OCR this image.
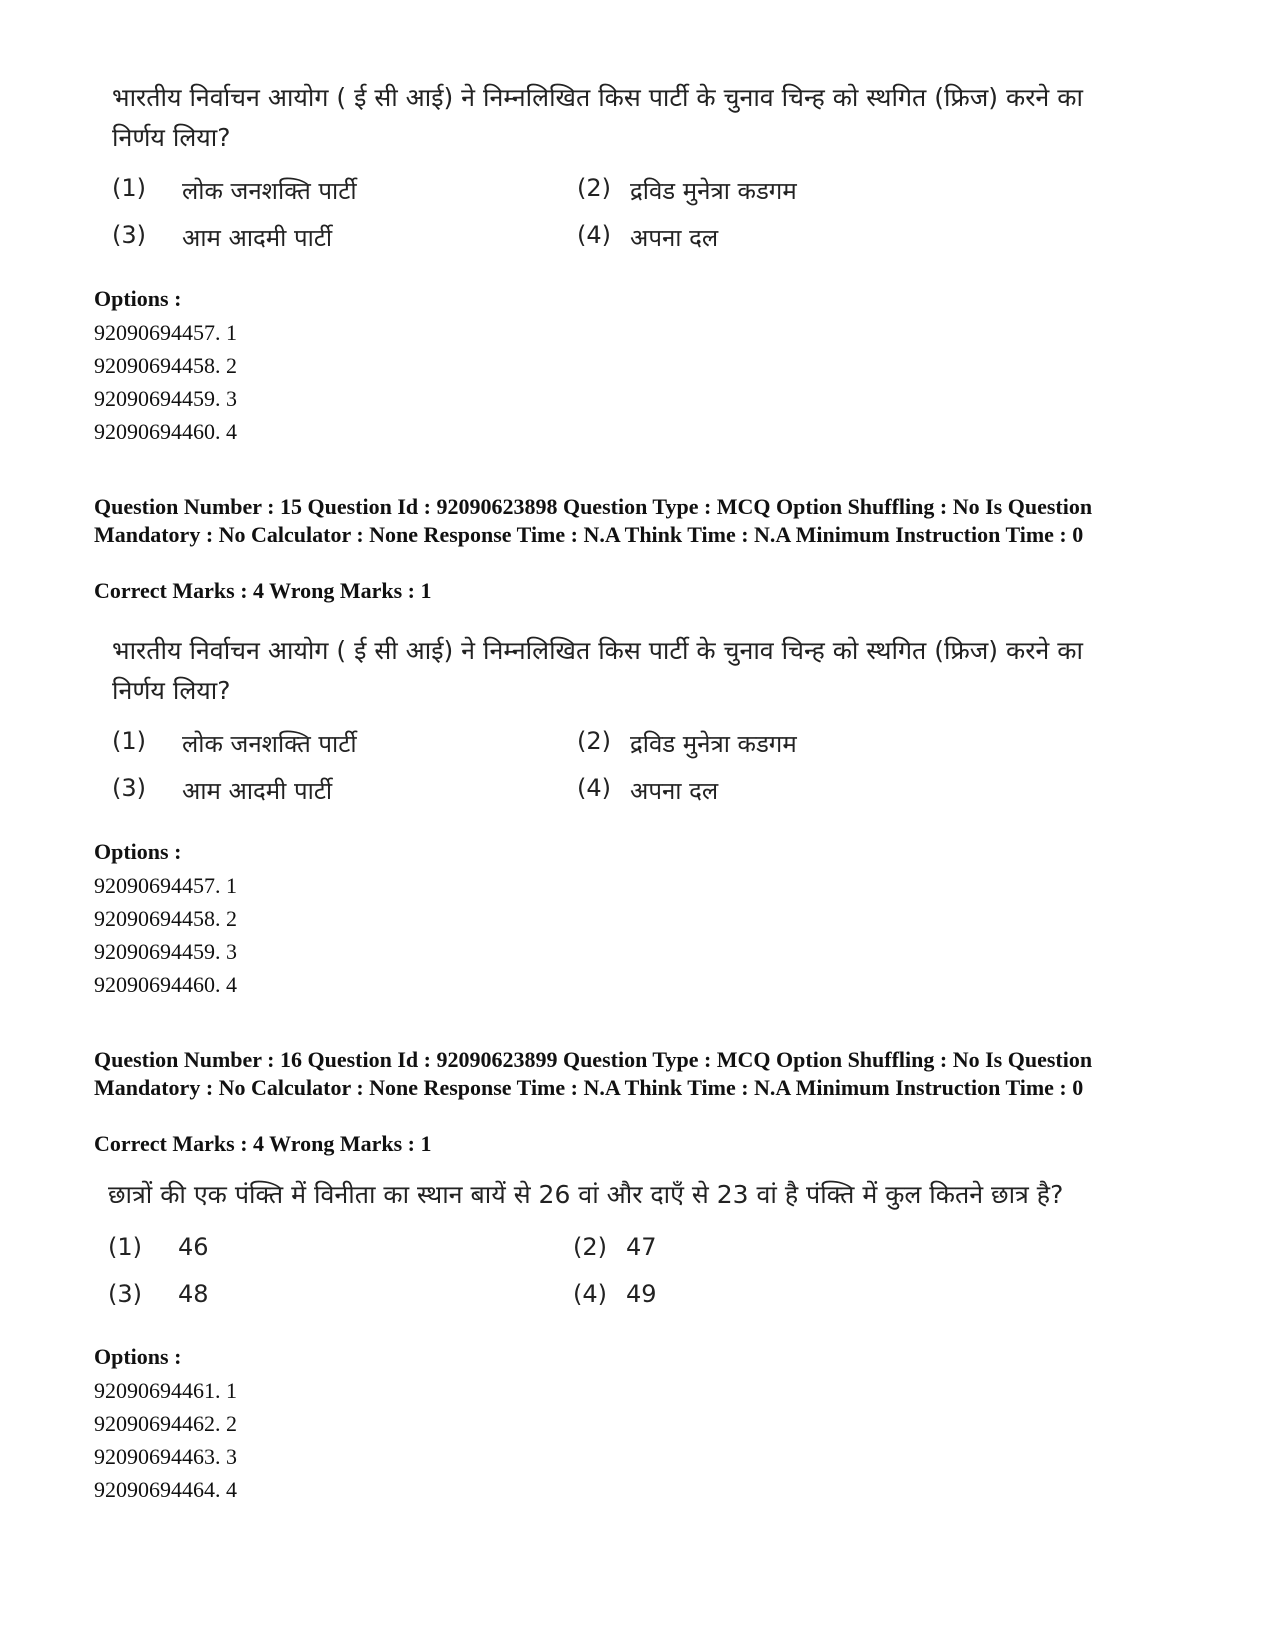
भारतीय निर्वाचन आयोग ( ई सी आई) ने निम्नलिखित किस पार्टी के चुनाव चिन्ह को स्थगित (फ्रिज) करने का निर्णय लिया?
(1) लोक जनशक्ति पार्टी	(2) द्रविड मुनेत्रा कडगम
(3) आम आदमी पार्टी	(4) अपना दल
Options :
92090694457. 1
92090694458. 2
92090694459. 3
92090694460. 4
Question Number : 15 Question Id : 92090623898 Question Type : MCQ Option Shuffling : No Is Question Mandatory : No Calculator : None Response Time : N.A Think Time : N.A Minimum Instruction Time : 0
Correct Marks : 4 Wrong Marks : 1
भारतीय निर्वाचन आयोग ( ई सी आई) ने निम्नलिखित किस पार्टी के चुनाव चिन्ह को स्थगित (फ्रिज) करने का निर्णय लिया?
(1) लोक जनशक्ति पार्टी	(2) द्रविड मुनेत्रा कडगम
(3) आम आदमी पार्टी	(4) अपना दल
Options :
92090694457. 1
92090694458. 2
92090694459. 3
92090694460. 4
Question Number : 16 Question Id : 92090623899 Question Type : MCQ Option Shuffling : No Is Question Mandatory : No Calculator : None Response Time : N.A Think Time : N.A Minimum Instruction Time : 0
Correct Marks : 4 Wrong Marks : 1
छात्रों की एक पंक्ति में विनीता का स्थान बायें से 26 वां और दाएँ से 23 वां है पंक्ति में कुल कितने छात्र है?
(1) 46	(2) 47
(3) 48	(4) 49
Options :
92090694461. 1
92090694462. 2
92090694463. 3
92090694464. 4
